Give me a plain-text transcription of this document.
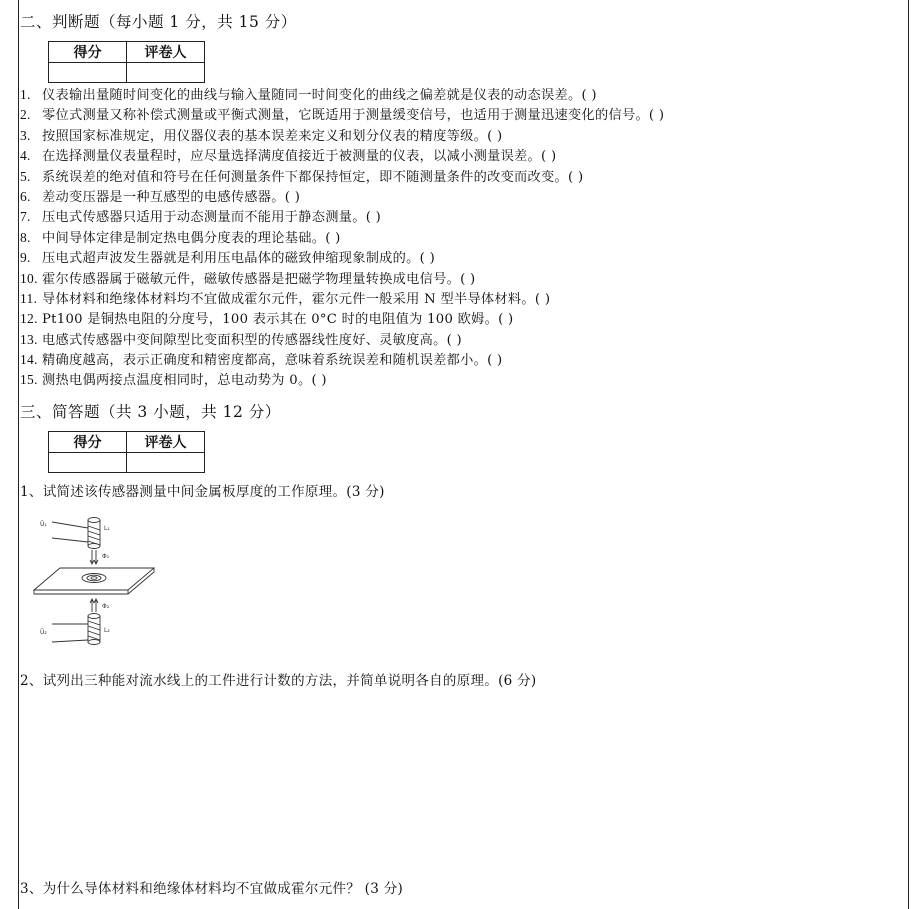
二、判断题（每小题 1 分，共 15 分）
得分	评卷人

1. 仪表输出量随时间变化的曲线与输入量随同一时间变化的曲线之偏差就是仪表的动态误差。( )
2. 零位式测量又称补偿式测量或平衡式测量，它既适用于测量缓变信号，也适用于测量迅速变化的信号。( )
3. 按照国家标准规定，用仪器仪表的基本误差来定义和划分仪表的精度等级。( )
4. 在选择测量仪表量程时，应尽量选择满度值接近于被测量的仪表，以减小测量误差。( )
5. 系统误差的绝对值和符号在任何测量条件下都保持恒定，即不随测量条件的改变而改变。( )
6. 差动变压器是一种互感型的电感传感器。( )
7. 压电式传感器只适用于动态测量而不能用于静态测量。( )
8. 中间导体定律是制定热电偶分度表的理论基础。( )
9. 压电式超声波发生器就是利用压电晶体的磁致伸缩现象制成的。( )
10. 霍尔传感器属于磁敏元件，磁敏传感器是把磁学物理量转换成电信号。( )
11. 导体材料和绝缘体材料均不宜做成霍尔元件，霍尔元件一般采用 N 型半导体材料。( )
12. Pt100 是铜热电阻的分度号，100 表示其在 0°C 时的电阻值为 100 欧姆。( )
13. 电感式传感器中变间隙型比变面积型的传感器线性度好、灵敏度高。( )
14. 精确度越高，表示正确度和精密度都高，意味着系统误差和随机误差都小。( )
15. 测热电偶两接点温度相同时，总电动势为 0。( )
三、简答题（共 3 小题，共 12 分）
得分	评卷人

1、试简述该传感器测量中间金属板厚度的工作原理。(3 分)
Ū₁
L₁
Φ₁
Φ₂
Ū₂	L₂
2、试列出三种能对流水线上的工件进行计数的方法，并简单说明各自的原理。(6 分)
3、为什么导体材料和绝缘体材料均不宜做成霍尔元件？ (3 分)
